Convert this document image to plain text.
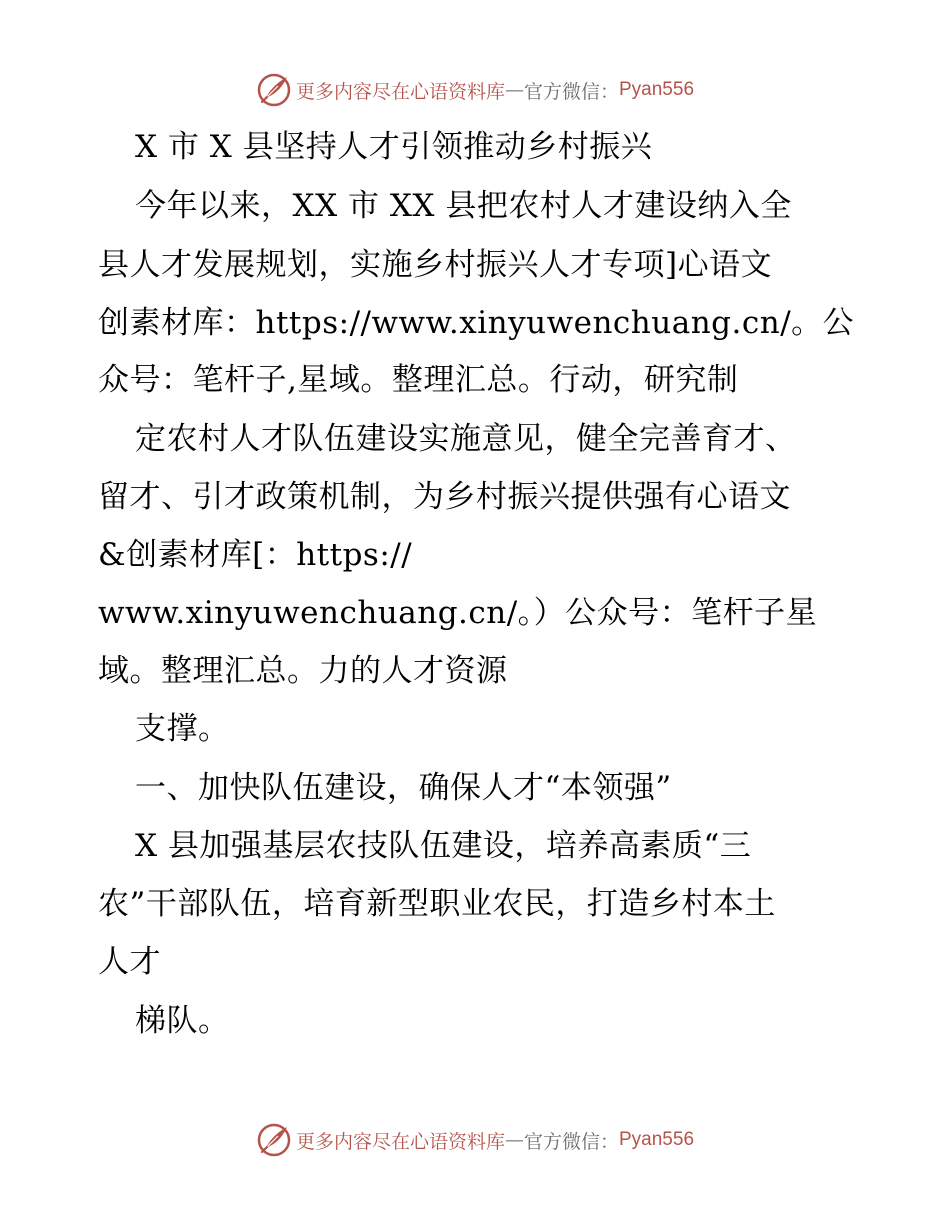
更多内容尽在心语资料库 — 官方微信： Pyan556

X 市 X 县坚持人才引领推动乡村振兴

今年以来，XX 市 XX 县把农村人才建设纳入全

县人才发展规划，实施乡村振兴人才专项]心语文

创素材库：https://www.xinyuwenchuang.cn/。公

众号：笔杆子,星域。整理汇总。行动，研究制

定农村人才队伍建设实施意见，健全完善育才、

留才、引才政策机制，为乡村振兴提供强有心语文

&创素材库[：https://

www.xinyuwenchuang.cn/。）公众号：笔杆子星

域。整理汇总。力的人才资源

支撑。

一、加快队伍建设，确保人才“本领强”

X 县加强基层农技队伍建设，培养高素质“三

农”干部队伍，培育新型职业农民，打造乡村本土

人才

梯队。

更多内容尽在心语资料库 — 官方微信： Pyan556
